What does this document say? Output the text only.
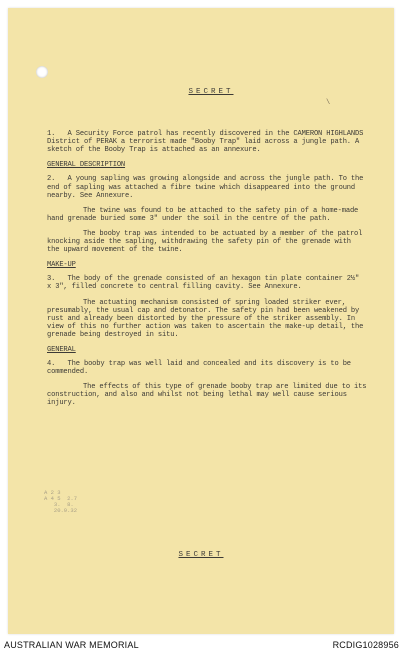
\
SECRET

1.   A Security Force patrol has recently discovered in the CAMERON HIGHLANDS District of PERAK a terrorist made "Booby Trap" laid across a jungle path. A sketch of the Booby Trap is attached as an annexure.

GENERAL DESCRIPTION

2.   A young sapling was growing alongside and across the jungle path. To the end of sapling was attached a fibre twine which disappeared into the ground nearby. See Annexure.

The twine was found to be attached to the safety pin of a home-made hand grenade buried some 3" under the soil in the centre of the path.

The booby trap was intended to be actuated by a member of the patrol knocking aside the sapling, withdrawing the safety pin of the grenade with the upward movement of the twine.

MAKE-UP

3.   The body of the grenade consisted of an hexagon tin plate container 2½" x 3", filled concrete to central filling cavity. See Annexure.

The actuating mechanism consisted of spring loaded striker ever, presumably, the usual cap and detonator. The safety pin had been weakened by rust and already been distorted by the pressure of the striker assembly. In view of this no further action was taken to ascertain the make-up detail, the grenade being destroyed in situ.

GENERAL

4.   The booby trap was well laid and concealed and its discovery is to be commended.

The effects of this type of grenade booby trap are limited due to its construction, and also and whilst not being lethal may well cause serious injury.

A 2 3
A 4 5  2.7
3.  8.
20.9.32
SECRET
AUSTRALIAN WAR MEMORIAL	RCDIG1028956
